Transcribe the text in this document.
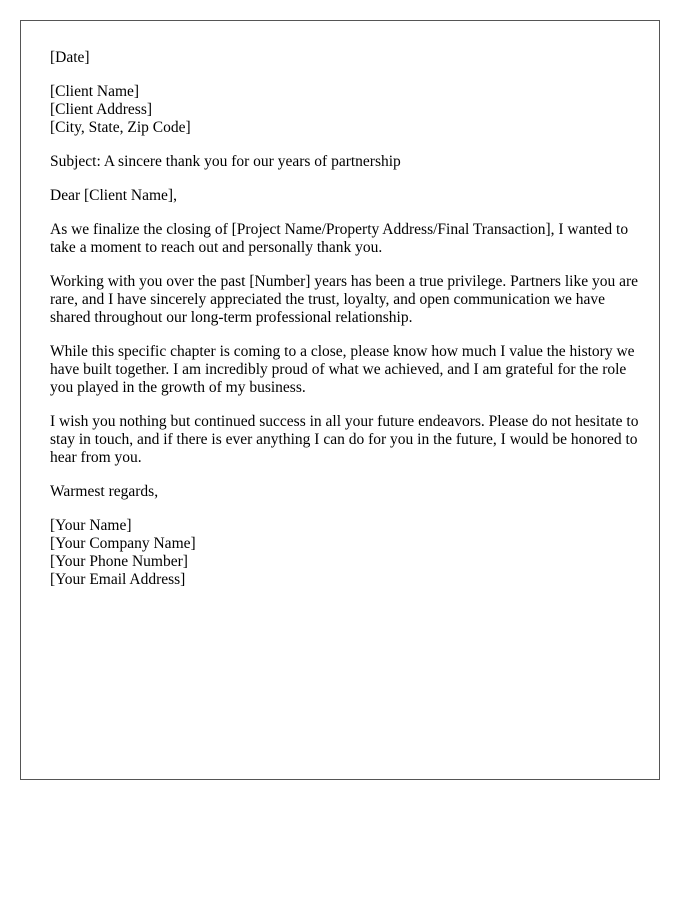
[Date]
[Client Name]
[Client Address]
[City, State, Zip Code]
Subject: A sincere thank you for our years of partnership
Dear [Client Name],

As we finalize the closing of [Project Name/Property Address/Final Transaction], I wanted to take a moment to reach out and personally thank you.

Working with you over the past [Number] years has been a true privilege. Partners like you are rare, and I have sincerely appreciated the trust, loyalty, and open communication we have shared throughout our long-term professional relationship.

While this specific chapter is coming to a close, please know how much I value the history we have built together. I am incredibly proud of what we achieved, and I am grateful for the role you played in the growth of my business.

I wish you nothing but continued success in all your future endeavors. Please do not hesitate to stay in touch, and if there is ever anything I can do for you in the future, I would be honored to hear from you.

Warmest regards,
[Your Name]
[Your Company Name]
[Your Phone Number]
[Your Email Address]
